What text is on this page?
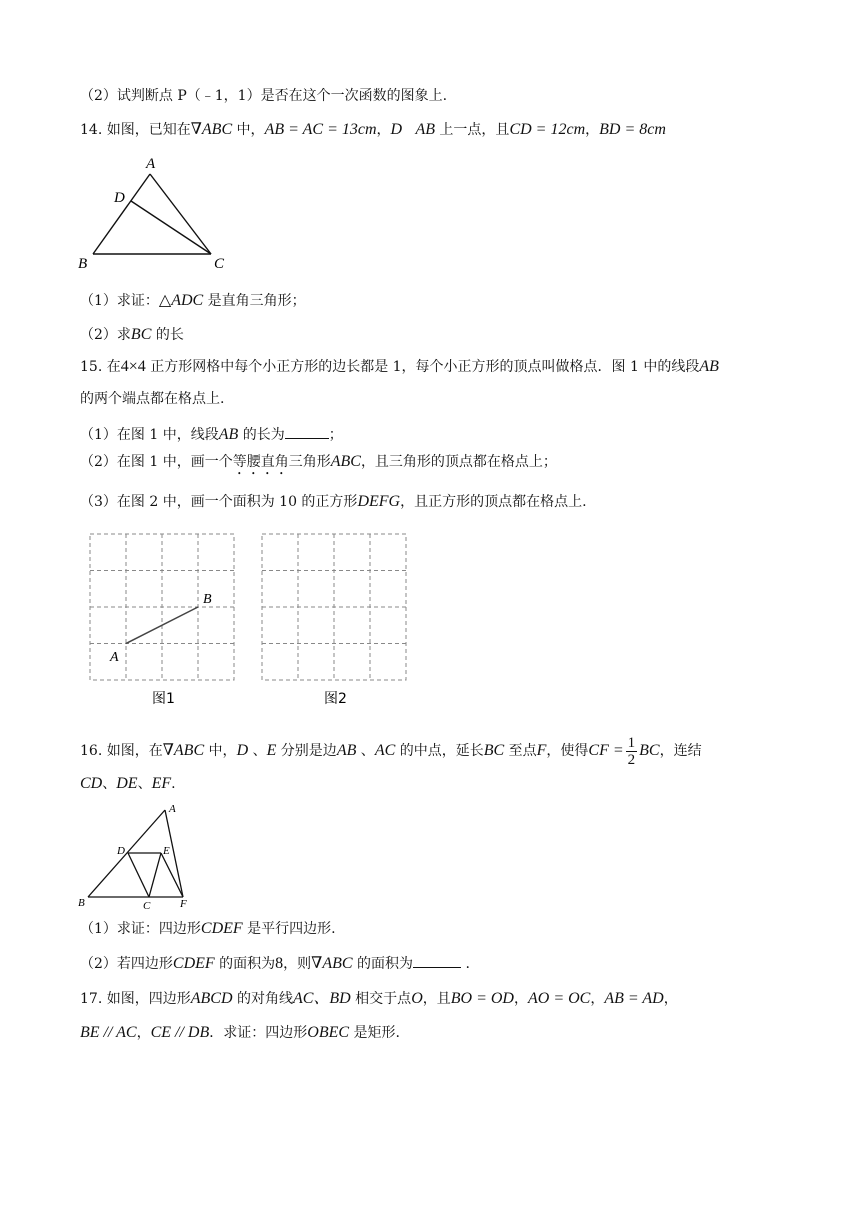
（2）试判断点 P（﹣1，1）是否在这个一次函数的图象上.
14. 如图，已知在∇ABC 中，AB = AC = 13cm，D AB 上一点，且CD = 12cm，BD = 8cm
A
D
B	C
（1）求证：△ADC 是直角三角形；
（2）求BC 的长
15. 在4×4 正方形网格中每个小正方形的边长都是 1，每个小正方形的顶点叫做格点．图 1 中的线段AB
的两个端点都在格点上.
（1）在图 1 中，线段AB 的长为	；
（2）在图 1 中，画一个等腰直角三角形ABC，且三角形的顶点都在格点上；
（3）在图 2 中，画一个面积为 10 的正方形DEFG，且正方形的顶点都在格点上.
A
B
图1	图2
16. 如图，在∇ABC 中，D 、E 分别是边AB 、AC 的中点，延长BC 至点F，使得CF = $\frac{1}{2}$ BC，连结
CD、DE、EF.
A
D	E
B	C	F
（1）求证：四边形CDEF 是平行四边形.
（2）若四边形CDEF 的面积为8，则∇ABC 的面积为	.
17. 如图，四边形ABCD 的对角线AC、BD 相交于点O，且BO = OD，AO = OC，AB = AD，
BE // AC，CE // DB．求证：四边形OBEC 是矩形.
